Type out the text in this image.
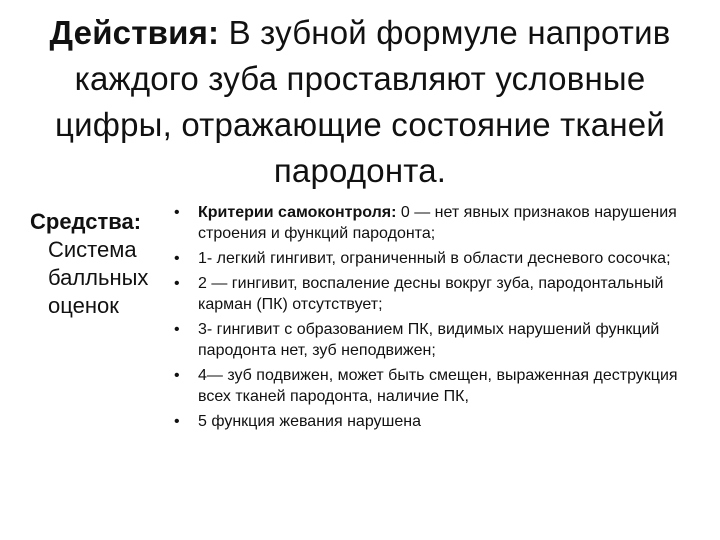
Действия: В зубной формуле напротив каждого зуба проставляют условные цифры, отражающие состояние тканей пародонта.
Средства:
Система балльных оценок
• Критерии самоконтроля: 0 — нет явных признаков нарушения строения и функций пародонта;
• 1- легкий гингивит, ограниченный в области десневого сосочка;
• 2 — гингивит, воспаление десны вокруг зуба, пародонтальный карман (ПК) отсутствует;
• 3- гингивит с образованием ПК, видимых нарушений функций пародонта нет, зуб неподвижен;
• 4— зуб подвижен, может быть смещен, выраженная деструкция всех тканей пародонта, наличие ПК,
• 5 функция жевания нарушена
